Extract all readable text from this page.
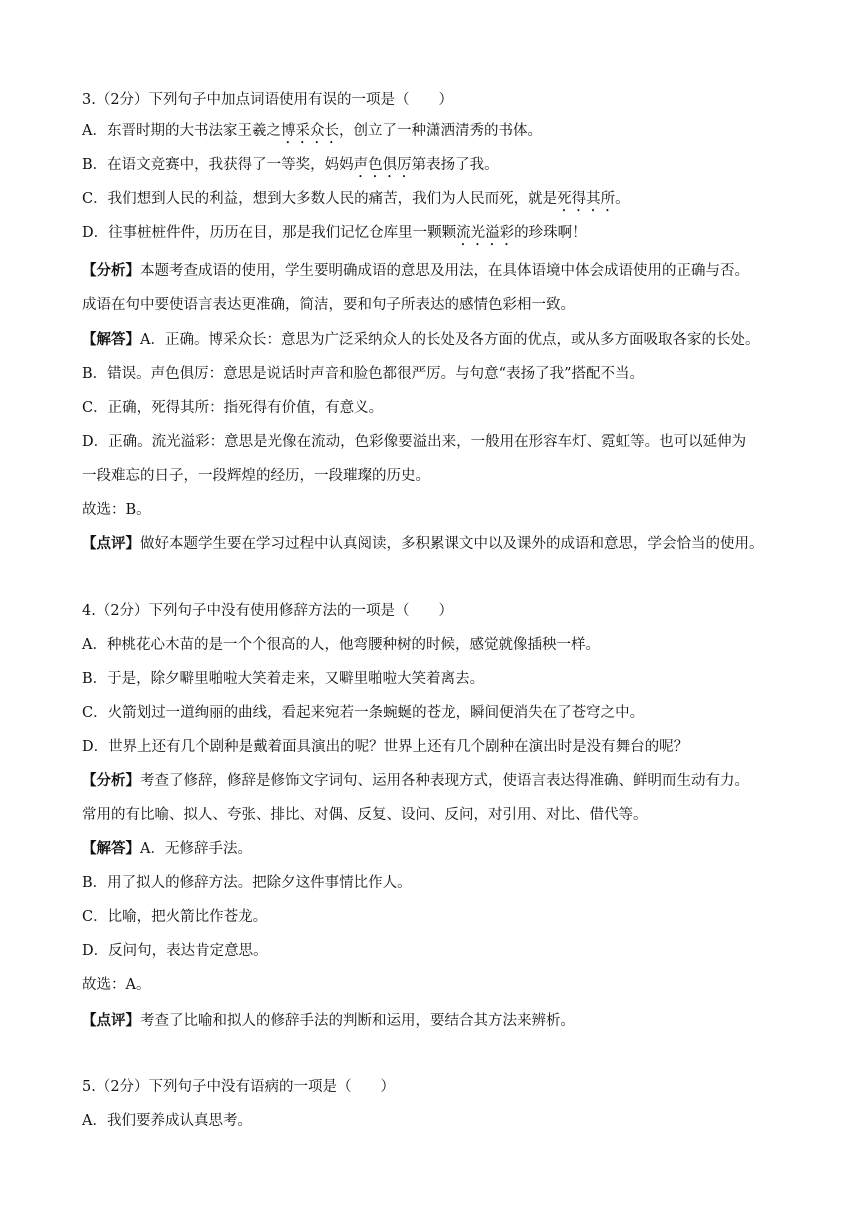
3.（2分）下列句子中加点词语使用有误的一项是（　　）
A．东晋时期的大书法家王羲之博采众长，创立了一种潇洒清秀的书体。
B．在语文竞赛中，我获得了一等奖，妈妈声色俱厉第表扬了我。
C．我们想到人民的利益，想到大多数人民的痛苦，我们为人民而死，就是死得其所。
D．往事桩桩件件，历历在目，那是我们记忆仓库里一颗颗流光溢彩的珍珠啊！
【分析】本题考查成语的使用，学生要明确成语的意思及用法，在具体语境中体会成语使用的正确与否。
成语在句中要使语言表达更准确，简洁，要和句子所表达的感情色彩相一致。
【解答】A．正确。博采众长：意思为广泛采纳众人的长处及各方面的优点，或从多方面吸取各家的长处。
B．错误。声色俱厉：意思是说话时声音和脸色都很严厉。与句意“表扬了我”搭配不当。
C．正确，死得其所：指死得有价值，有意义。
D．正确。流光溢彩：意思是光像在流动，色彩像要溢出来，一般用在形容车灯、霓虹等。也可以延伸为
一段难忘的日子，一段辉煌的经历，一段璀璨的历史。
故选：B。
【点评】做好本题学生要在学习过程中认真阅读，多积累课文中以及课外的成语和意思，学会恰当的使用。
4.（2分）下列句子中没有使用修辞方法的一项是（　　）
A．种桃花心木苗的是一个个很高的人，他弯腰种树的时候，感觉就像插秧一样。
B．于是，除夕噼里啪啦大笑着走来，又噼里啪啦大笑着离去。
C．火箭划过一道绚丽的曲线，看起来宛若一条蜿蜒的苍龙，瞬间便消失在了苍穹之中。
D．世界上还有几个剧种是戴着面具演出的呢？世界上还有几个剧种在演出时是没有舞台的呢？
【分析】考查了修辞，修辞是修饰文字词句、运用各种表现方式，使语言表达得准确、鲜明而生动有力。
常用的有比喻、拟人、夸张、排比、对偶、反复、设问、反问，对引用、对比、借代等。
【解答】A．无修辞手法。
B．用了拟人的修辞方法。把除夕这件事情比作人。
C．比喻，把火箭比作苍龙。
D．反问句，表达肯定意思。
故选：A。
【点评】考查了比喻和拟人的修辞手法的判断和运用，要结合其方法来辨析。
5.（2分）下列句子中没有语病的一项是（　　）
A．我们要养成认真思考。
